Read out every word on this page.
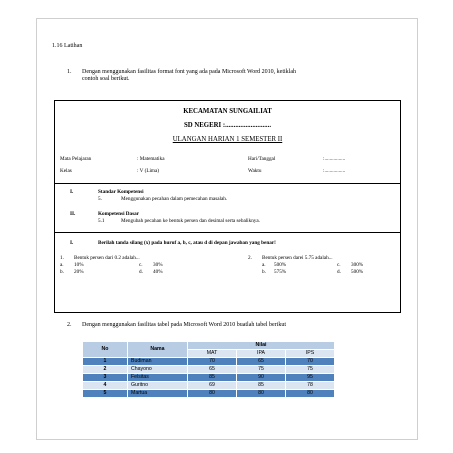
1.16 Latihan
1. Dengan menggunakan fasilitas format font yang ada pada Microsoft Word 2010, ketiklah
contoh soal berikut.
KECAMATAN SUNGAILIAT
SD NEGERI :...........................
ULANGAN HARIAN 1 SEMESTER II
Mata Pelajaran	: Matematika	Hari/Tanggal	:................
Kelas	: V (Lima)	Waktu	:................
I.	Standar Kompetensi
5.	Menggunakan pecahan dalam pemecahan masalah.
II.	Kompetensi Dasar
5.1	Mengubah pecahan ke bentuk persen dan desimal serta sebaliknya.
I.	Berilah tanda silang (x) pada huruf a, b, c, atau d di depan jawaban yang benar!
1. Bentuk persen dari 0.2 adalah...
a. 10%	c. 30%
b. 20%	d. 40%
2. Bentuk persen darei 5.75 adalah...
a. 500%	c. 300%
b. 575%	d. 500%
2. Dengan menggunakan fasilitas tabel pada Microsoft Word 2010 buatlah tabel berikut
No	Nama	Nilai		
		MAT	IPA	IPS
1	Budiman	70	65	70
2	Chayono	65	75	75
3	Felsitas	85	90	95
4	Guritno	69	85	78
5	Martua	80	80	80
